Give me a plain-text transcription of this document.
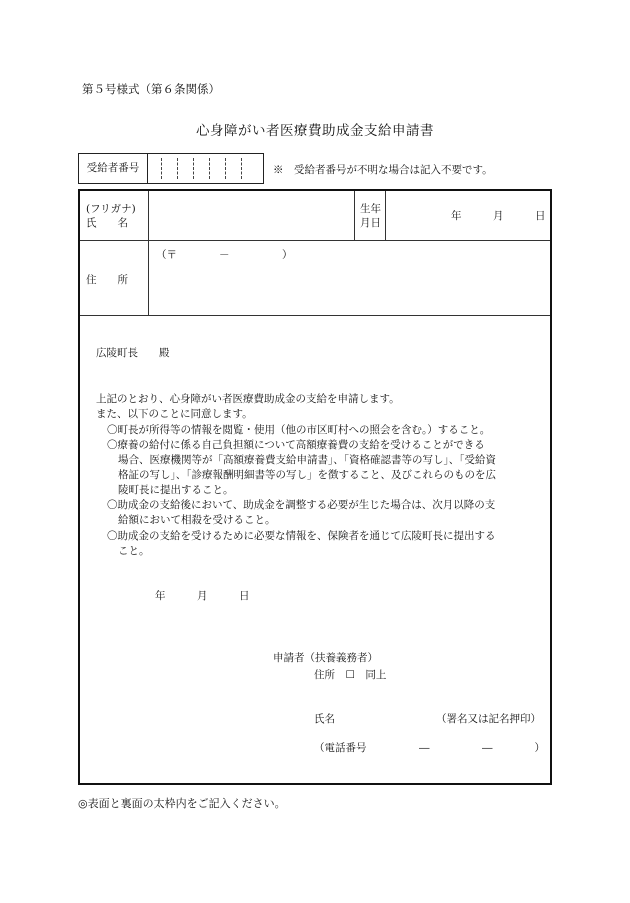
第５号様式（第６条関係）
心身障がい者医療費助成金支給申請書
受給者番号	※　受給者番号が不明な場合は記入不要です。
(フリガナ)
氏　　名
生年
月日
年　　　月　　　日
住　　所
（〒　　　　－　　　　　）
広陵町長　　殿
上記のとおり、心身障がい者医療費助成金の支給を申請します。
また、以下のことに同意します。
〇町長が所得等の情報を閲覧・使用（他の市区町村への照会を含む。）すること。
〇療養の給付に係る自己負担額について高額療養費の支給を受けることができる
場合、医療機関等が「高額療養費支給申請書」、「資格確認書等の写し」、「受給資
格証の写し」、「診療報酬明細書等の写し」を徴すること、及びこれらのものを広
陵町長に提出すること。
〇助成金の支給後において、助成金を調整する必要が生じた場合は、次月以降の支
給額において相殺を受けること。
〇助成金の支給を受けるために必要な情報を、保険者を通じて広陵町長に提出する
こと。
年　　　月　　　日
申請者（扶養義務者）
住所　☐　同上
氏名	（署名又は記名押印）
（電話番号　　　　　―　　　　　―　　　　）
◎表面と裏面の太枠内をご記入ください。
